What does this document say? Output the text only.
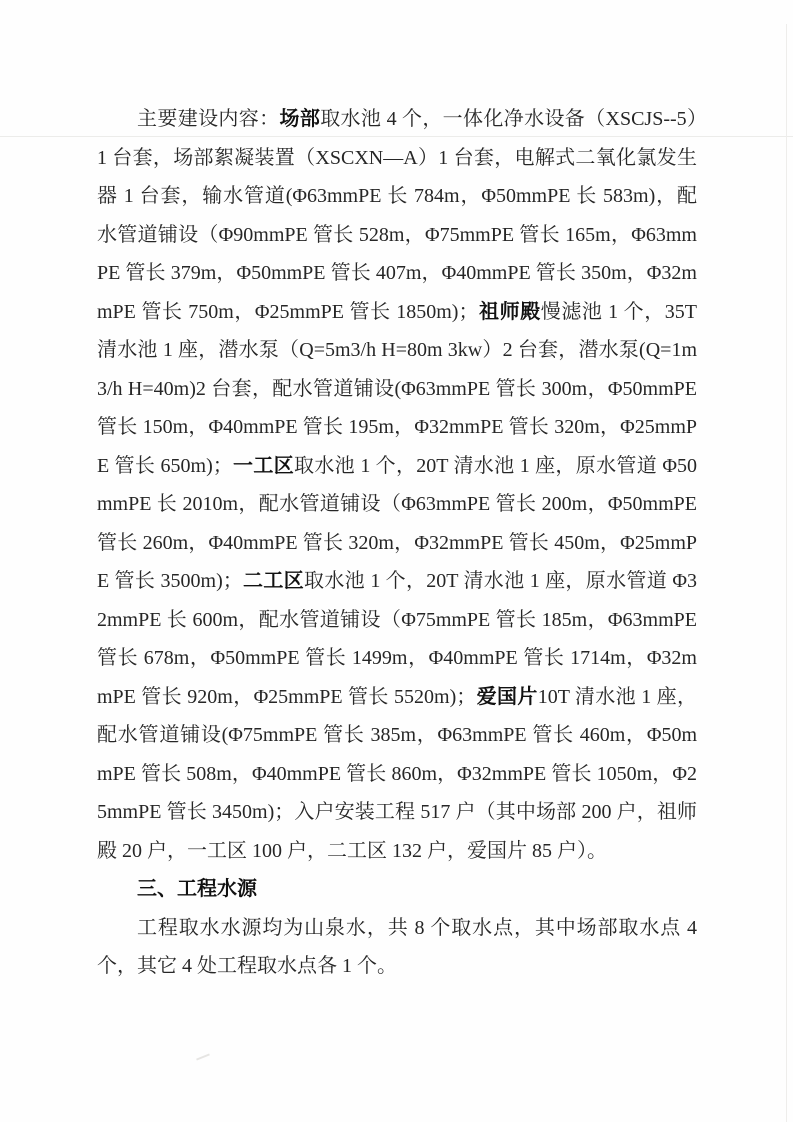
主要建设内容：场部取水池 4 个，一体化净水设备（XSCJS--5）1 台套，场部絮凝装置（XSCXN—A）1 台套，电解式二氧化氯发生器 1 台套，输水管道(Φ63mmPE 长 784m，Φ50mmPE 长 583m)，配水管道铺设（Φ90mmPE 管长 528m，Φ75mmPE 管长 165m，Φ63mmPE 管长 379m，Φ50mmPE 管长 407m，Φ40mmPE 管长 350m，Φ32mmPE 管长 750m，Φ25mmPE 管长 1850m)；祖师殿慢滤池 1 个，35T 清水池 1 座，潜水泵（Q=5m3/h H=80m 3kw）2 台套，潜水泵(Q=1m3/h H=40m)2 台套，配水管道铺设(Φ63mmPE 管长 300m，Φ50mmPE 管长 150m，Φ40mmPE 管长 195m，Φ32mmPE 管长 320m，Φ25mmPE 管长 650m)；一工区取水池 1 个，20T 清水池 1 座，原水管道 Φ50mmPE 长 2010m，配水管道铺设（Φ63mmPE 管长 200m，Φ50mmPE 管长 260m，Φ40mmPE 管长 320m，Φ32mmPE 管长 450m，Φ25mmPE 管长 3500m)；二工区取水池 1 个，20T 清水池 1 座，原水管道 Φ32mmPE 长 600m，配水管道铺设（Φ75mmPE 管长 185m，Φ63mmPE 管长 678m，Φ50mmPE 管长 1499m，Φ40mmPE 管长 1714m，Φ32mmPE 管长 920m，Φ25mmPE 管长 5520m)；爱国片10T 清水池 1 座，配水管道铺设(Φ75mmPE 管长 385m，Φ63mmPE 管长 460m，Φ50mmPE 管长 508m，Φ40mmPE 管长 860m，Φ32mmPE 管长 1050m，Φ25mmPE 管长 3450m)；入户安装工程 517 户（其中场部 200 户，祖师殿 20 户，一工区 100 户，二工区 132 户，爱国片 85 户）。

三、工程水源

工程取水水源均为山泉水，共 8 个取水点，其中场部取水点 4 个，其它 4 处工程取水点各 1 个。
